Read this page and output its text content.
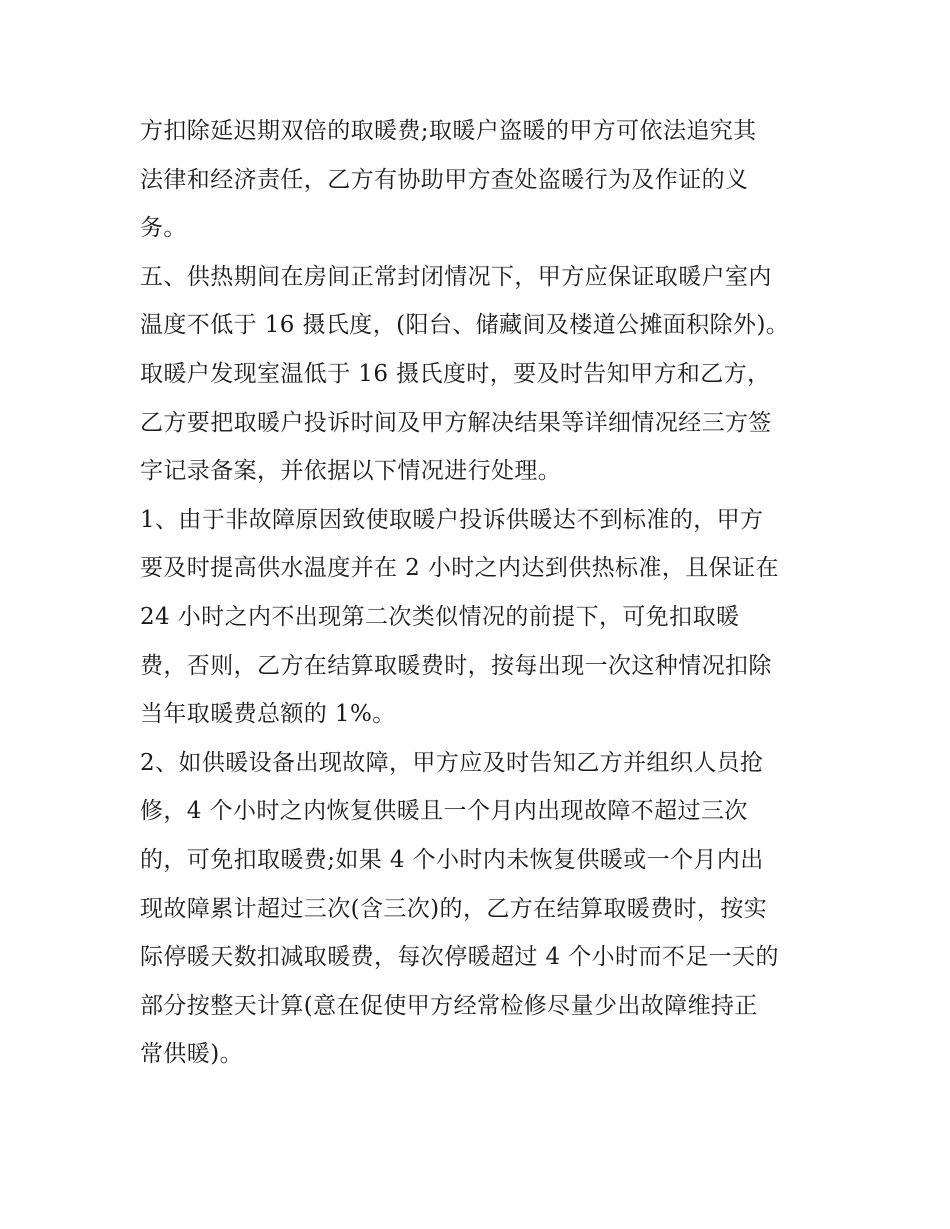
方扣除延迟期双倍的取暖费;取暖户盗暖的甲方可依法追究其
法律和经济责任，乙方有协助甲方查处盗暖行为及作证的义
务。
五、供热期间在房间正常封闭情况下，甲方应保证取暖户室内
温度不低于 16 摄氏度，(阳台、储藏间及楼道公摊面积除外)。
取暖户发现室温低于 16 摄氏度时，要及时告知甲方和乙方，
乙方要把取暖户投诉时间及甲方解决结果等详细情况经三方签
字记录备案，并依据以下情况进行处理。
1、由于非故障原因致使取暖户投诉供暖达不到标准的，甲方
要及时提高供水温度并在 2 小时之内达到供热标准，且保证在
24 小时之内不出现第二次类似情况的前提下，可免扣取暖
费，否则，乙方在结算取暖费时，按每出现一次这种情况扣除
当年取暖费总额的 1%。
2、如供暖设备出现故障，甲方应及时告知乙方并组织人员抢
修，4 个小时之内恢复供暖且一个月内出现故障不超过三次
的，可免扣取暖费;如果 4 个小时内未恢复供暖或一个月内出
现故障累计超过三次(含三次)的，乙方在结算取暖费时，按实
际停暖天数扣减取暖费，每次停暖超过 4 个小时而不足一天的
部分按整天计算(意在促使甲方经常检修尽量少出故障维持正
常供暖)。
